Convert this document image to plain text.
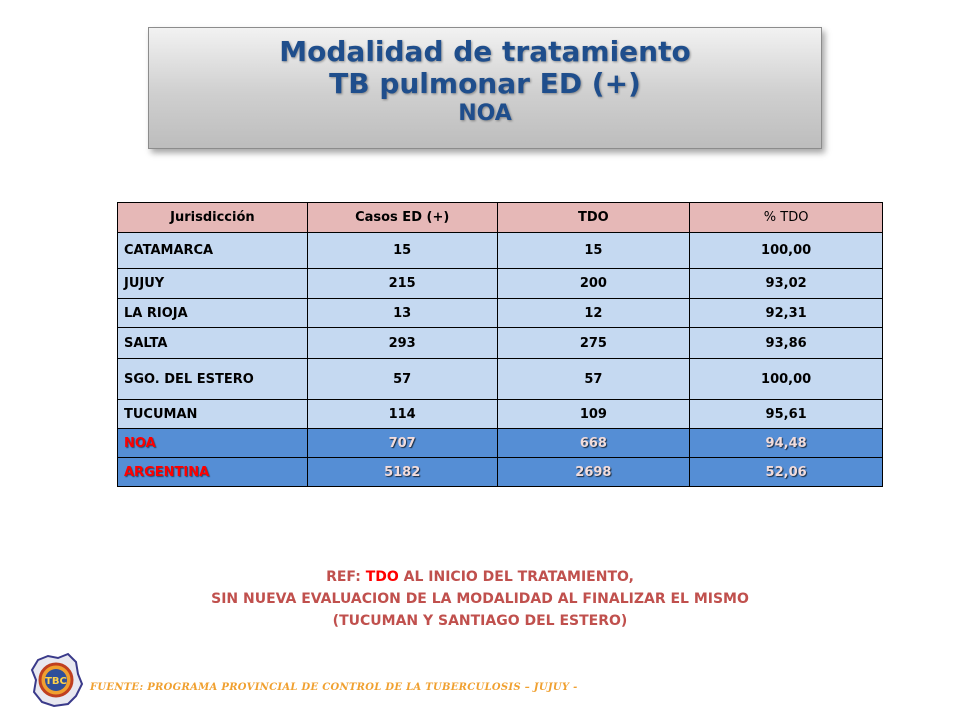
Modalidad de tratamiento
TB pulmonar ED (+)
NOA
Jurisdicción	Casos ED (+)	TDO	% TDO
CATAMARCA	15	15	100,00
JUJUY	215	200	93,02
LA RIOJA	13	12	92,31
SALTA	293	275	93,86
SGO. DEL ESTERO	57	57	100,00
TUCUMAN	114	109	95,61
NOA	707	668	94,48
ARGENTINA	5182	2698	52,06
REF: TDO AL INICIO DEL TRATAMIENTO,
SIN NUEVA EVALUACION DE LA MODALIDAD AL FINALIZAR EL MISMO
(TUCUMAN Y SANTIAGO DEL ESTERO)
TBC
FUENTE: PROGRAMA PROVINCIAL DE CONTROL DE LA TUBERCULOSIS – JUJUY -
